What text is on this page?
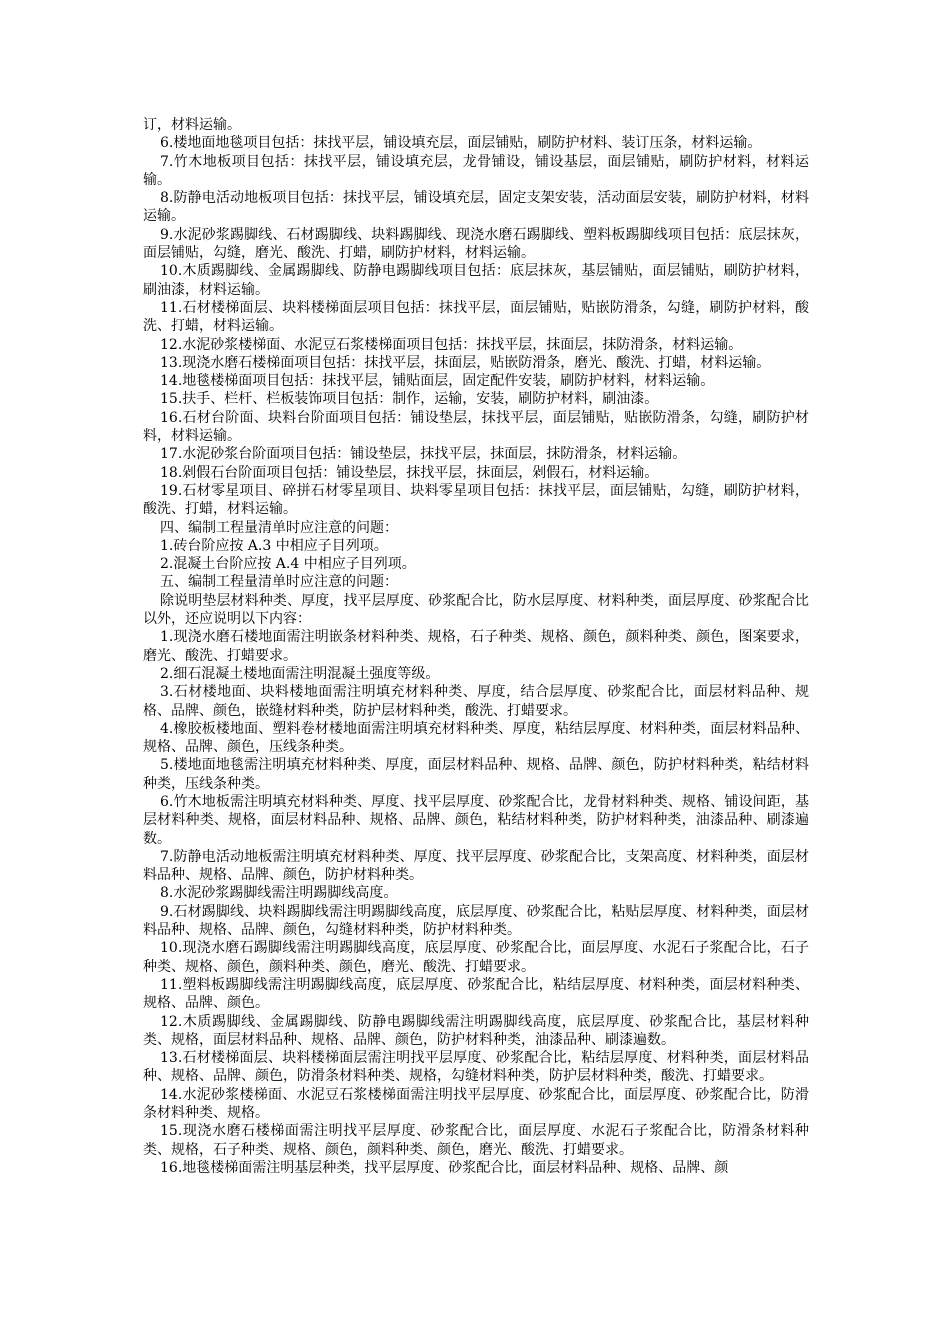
订，材料运输。

6.楼地面地毯项目包括：抹找平层，铺设填充层，面层铺贴，刷防护材料、装订压条，材料运输。

7.竹木地板项目包括：抹找平层，铺设填充层，龙骨铺设，铺设基层，面层铺贴，刷防护材料，材料运输。

8.防静电活动地板项目包括：抹找平层，铺设填充层，固定支架安装，活动面层安装，刷防护材料，材料运输。

9.水泥砂浆踢脚线、石材踢脚线、块料踢脚线、现浇水磨石踢脚线、塑料板踢脚线项目包括：底层抹灰，面层铺贴，勾缝，磨光、酸洗、打蜡，刷防护材料，材料运输。

10.木质踢脚线、金属踢脚线、防静电踢脚线项目包括：底层抹灰，基层铺贴，面层铺贴，刷防护材料，刷油漆，材料运输。

11.石材楼梯面层、块料楼梯面层项目包括：抹找平层，面层铺贴，贴嵌防滑条，勾缝，刷防护材料，酸洗、打蜡，材料运输。

12.水泥砂浆楼梯面、水泥豆石浆楼梯面项目包括：抹找平层，抹面层，抹防滑条，材料运输。

13.现浇水磨石楼梯面项目包括：抹找平层，抹面层，贴嵌防滑条，磨光、酸洗、打蜡，材料运输。

14.地毯楼梯面项目包括：抹找平层，铺贴面层，固定配件安装，刷防护材料，材料运输。

15.扶手、栏杆、栏板装饰项目包括：制作，运输，安装，刷防护材料，刷油漆。

16.石材台阶面、块料台阶面项目包括：铺设垫层，抹找平层，面层铺贴，贴嵌防滑条，勾缝，刷防护材料，材料运输。

17.水泥砂浆台阶面项目包括：铺设垫层，抹找平层，抹面层，抹防滑条，材料运输。

18.剁假石台阶面项目包括：铺设垫层，抹找平层，抹面层，剁假石，材料运输。

19.石材零星项目、碎拼石材零星项目、块料零星项目包括：抹找平层，面层铺贴，勾缝，刷防护材料，酸洗、打蜡，材料运输。

四、编制工程量清单时应注意的问题：

1.砖台阶应按 A.3 中相应子目列项。

2.混凝土台阶应按 A.4 中相应子目列项。

五、编制工程量清单时应注意的问题：

除说明垫层材料种类、厚度，找平层厚度、砂浆配合比，防水层厚度、材料种类，面层厚度、砂浆配合比以外，还应说明以下内容：

1.现浇水磨石楼地面需注明嵌条材料种类、规格，石子种类、规格、颜色，颜料种类、颜色，图案要求，磨光、酸洗、打蜡要求。

2.细石混凝土楼地面需注明混凝土强度等级。

3.石材楼地面、块料楼地面需注明填充材料种类、厚度，结合层厚度、砂浆配合比，面层材料品种、规格、品牌、颜色，嵌缝材料种类，防护层材料种类，酸洗、打蜡要求。

4.橡胶板楼地面、塑料卷材楼地面需注明填充材料种类、厚度，粘结层厚度、材料种类，面层材料品种、规格、品牌、颜色，压线条种类。

5.楼地面地毯需注明填充材料种类、厚度，面层材料品种、规格、品牌、颜色，防护材料种类，粘结材料种类，压线条种类。

6.竹木地板需注明填充材料种类、厚度、找平层厚度、砂浆配合比，龙骨材料种类、规格、铺设间距，基层材料种类、规格，面层材料品种、规格、品牌、颜色，粘结材料种类，防护材料种类，油漆品种、刷漆遍数。

7.防静电活动地板需注明填充材料种类、厚度、找平层厚度、砂浆配合比，支架高度、材料种类，面层材料品种、规格、品牌、颜色，防护材料种类。

8.水泥砂浆踢脚线需注明踢脚线高度。

9.石材踢脚线、块料踢脚线需注明踢脚线高度，底层厚度、砂浆配合比，粘贴层厚度、材料种类，面层材料品种、规格、品牌、颜色，勾缝材料种类，防护材料种类。

10.现浇水磨石踢脚线需注明踢脚线高度，底层厚度、砂浆配合比，面层厚度、水泥石子浆配合比，石子种类、规格、颜色，颜料种类、颜色，磨光、酸洗、打蜡要求。

11.塑料板踢脚线需注明踢脚线高度，底层厚度、砂浆配合比，粘结层厚度、材料种类，面层材料种类、规格、品牌、颜色。

12.木质踢脚线、金属踢脚线、防静电踢脚线需注明踢脚线高度，底层厚度、砂浆配合比，基层材料种类、规格，面层材料品种、规格、品牌、颜色，防护材料种类，油漆品种、刷漆遍数。

13.石材楼梯面层、块料楼梯面层需注明找平层厚度、砂浆配合比，粘结层厚度、材料种类，面层材料品种、规格、品牌、颜色，防滑条材料种类、规格，勾缝材料种类，防护层材料种类，酸洗、打蜡要求。

14.水泥砂浆楼梯面、水泥豆石浆楼梯面需注明找平层厚度、砂浆配合比，面层厚度、砂浆配合比，防滑条材料种类、规格。

15.现浇水磨石楼梯面需注明找平层厚度、砂浆配合比，面层厚度、水泥石子浆配合比，防滑条材料种类、规格，石子种类、规格、颜色，颜料种类、颜色，磨光、酸洗、打蜡要求。

16.地毯楼梯面需注明基层种类，找平层厚度、砂浆配合比，面层材料品种、规格、品牌、颜
